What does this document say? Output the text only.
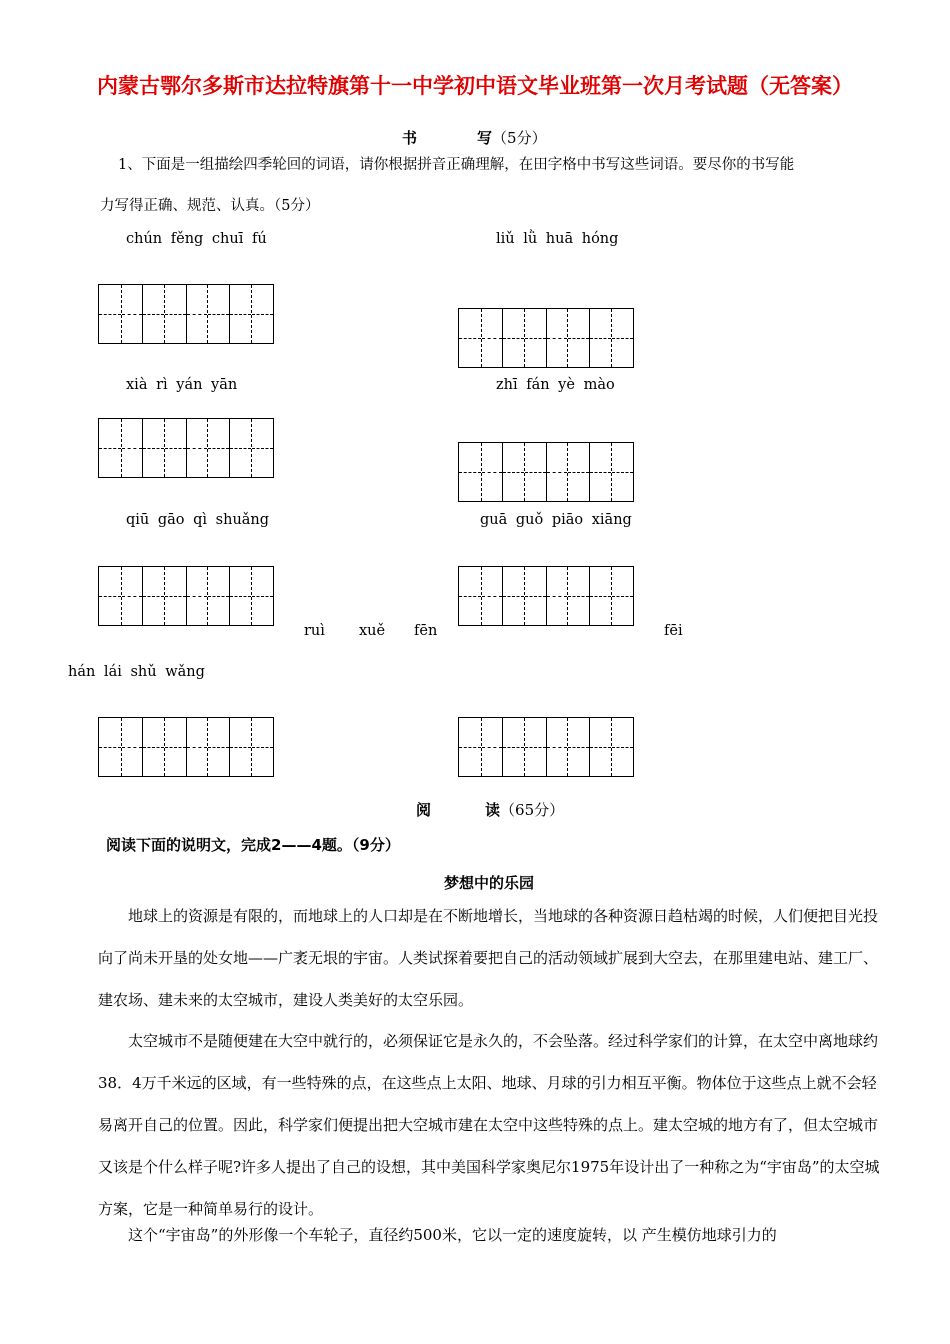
内蒙古鄂尔多斯市达拉特旗第十一中学初中语文毕业班第一次月考试题（无答案）
书	写（5分）
1、下面是一组描绘四季轮回的词语，请你根据拼音正确理解，在田字格中书写这些词语。要尽你的书写能
力写得正确、规范、认真。（5分）
chún fěng chuī fú	liǔ lǜ huā hóng
xià rì yán yān	zhī fán yè mào
qiū gāo qì shuǎng	guā guǒ piāo xiāng
ruì xuě fēn	fēi
hán lái shǔ wǎng
阅	读（65分）
阅读下面的说明文，完成2——4题。（9分）
梦想中的乐园
地球上的资源是有限的，而地球上的人口却是在不断地增长，当地球的各种资源日趋枯竭的时候，人们便把目光投向了尚未开垦的处女地——广袤无垠的宇宙。人类试探着要把自己的活动领域扩展到大空去，在那里建电站、建工厂、建农场、建未来的太空城市，建设人类美好的太空乐园。
太空城市不是随便建在大空中就行的，必须保证它是永久的，不会坠落。经过科学家们的计算，在太空中离地球约38．4万千米远的区域，有一些特殊的点，在这些点上太阳、地球、月球的引力相互平衡。物体位于这些点上就不会轻易离开自己的位置。因此，科学家们便提出把大空城市建在太空中这些特殊的点上。建太空城的地方有了，但太空城市又该是个什么样子呢?许多人提出了自己的设想，其中美国科学家奥尼尔1975年设计出了一种称之为“宇宙岛”的太空城方案，它是一种简单易行的设计。
这个“宇宙岛”的外形像一个车轮子，直径约500米，它以一定的速度旋转，以 产生模仿地球引力的
